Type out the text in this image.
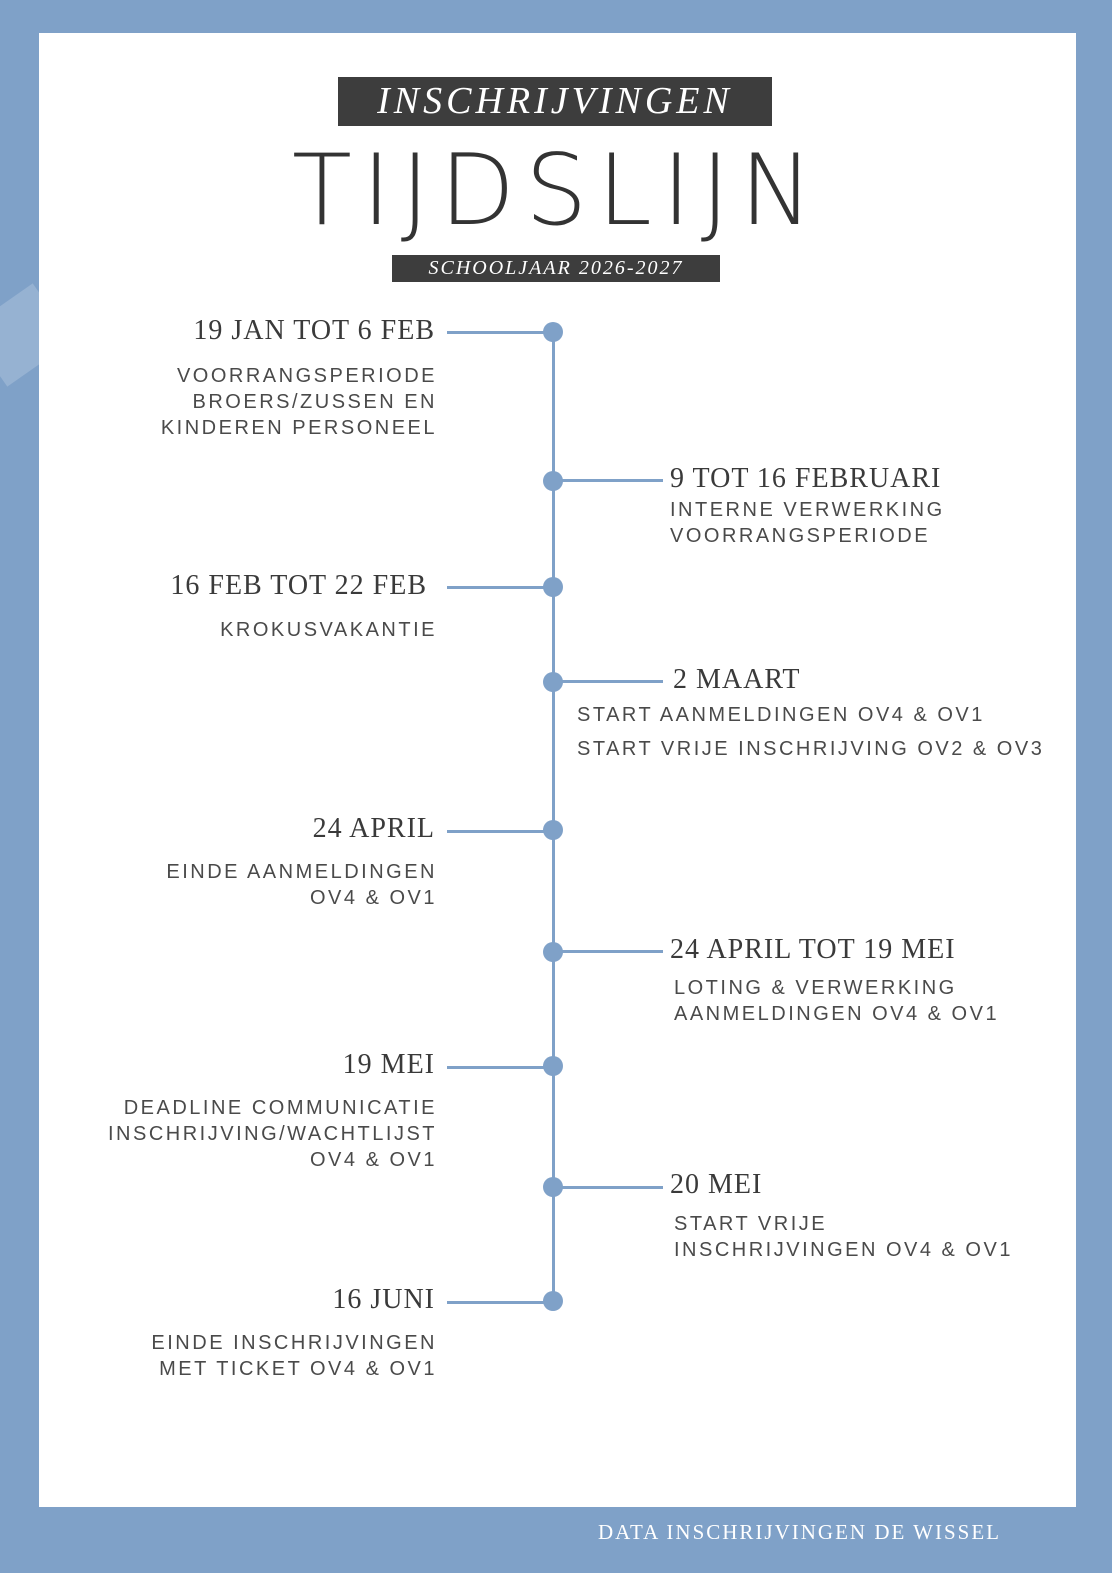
INSCHRIJVINGEN
TIJDSLIJN
SCHOOLJAAR 2026-2027
19 JAN TOT 6 FEB
VOORRANGSPERIODE
BROERS/ZUSSEN EN
KINDEREN PERSONEEL
9 TOT 16 FEBRUARI
INTERNE VERWERKING
VOORRANGSPERIODE
16 FEB TOT 22 FEB
KROKUSVAKANTIE
2 MAART
START AANMELDINGEN OV4 & OV1
START VRIJE INSCHRIJVING OV2 & OV3
24 APRIL
EINDE AANMELDINGEN
OV4 & OV1
24 APRIL TOT 19 MEI
LOTING & VERWERKING
AANMELDINGEN OV4 & OV1
19 MEI
DEADLINE COMMUNICATIE
INSCHRIJVING/WACHTLIJST
OV4 & OV1
20 MEI
START VRIJE
INSCHRIJVINGEN OV4 & OV1
16 JUNI
EINDE INSCHRIJVINGEN
MET TICKET OV4 & OV1
DATA INSCHRIJVINGEN DE WISSEL
